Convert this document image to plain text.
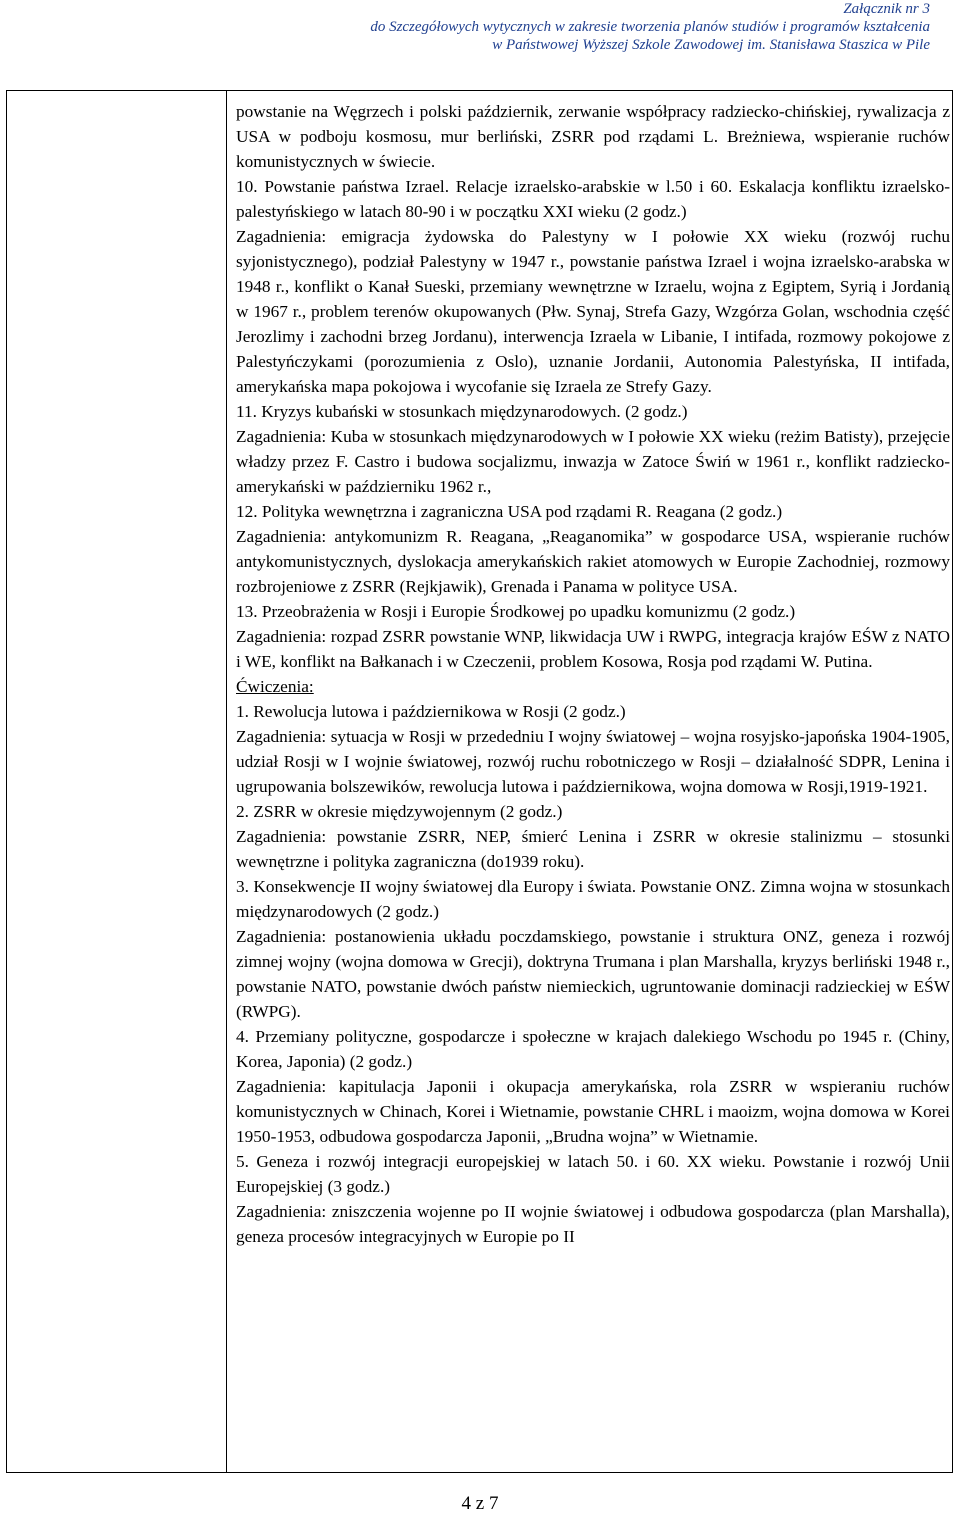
Załącznik nr 3
do Szczegółowych wytycznych w zakresie tworzenia planów studiów i programów kształcenia
w Państwowej Wyższej Szkole Zawodowej im. Stanisława Staszica w Pile

powstanie na Węgrzech i polski październik, zerwanie współpracy radziecko-chińskiej, rywalizacja z USA w podboju kosmosu, mur berliński, ZSRR pod rządami L. Breżniewa, wspieranie ruchów komunistycznych w świecie.

10. Powstanie państwa Izrael. Relacje izraelsko-arabskie w l.50 i 60. Eskalacja konfliktu izraelsko-palestyńskiego w latach 80-90 i w początku XXI wieku (2 godz.)

Zagadnienia: emigracja żydowska do Palestyny w I połowie XX wieku (rozwój ruchu syjonistycznego), podział Palestyny w 1947 r., powstanie państwa Izrael i wojna izraelsko-arabska w 1948 r., konflikt o Kanał Sueski, przemiany wewnętrzne w Izraelu, wojna z Egiptem, Syrią i Jordanią w 1967 r., problem terenów okupowanych (Płw. Synaj, Strefa Gazy, Wzgórza Golan, wschodnia część Jerozlimy i zachodni brzeg Jordanu), interwencja Izraela w Libanie, I intifada, rozmowy pokojowe z Palestyńczykami (porozumienia z Oslo), uznanie Jordanii, Autonomia Palestyńska, II intifada, amerykańska mapa pokojowa i wycofanie się Izraela ze Strefy Gazy.

11. Kryzys kubański w stosunkach międzynarodowych. (2 godz.)

Zagadnienia: Kuba w stosunkach międzynarodowych w I połowie XX wieku (reżim Batisty), przejęcie władzy przez F. Castro i budowa socjalizmu, inwazja w Zatoce Świń w 1961 r., konflikt radziecko-amerykański w październiku 1962 r.,

12. Polityka wewnętrzna i zagraniczna USA pod rządami R. Reagana (2 godz.)

Zagadnienia: antykomunizm R. Reagana, „Reaganomika” w gospodarce USA, wspieranie ruchów antykomunistycznych, dyslokacja amerykańskich rakiet atomowych w Europie Zachodniej, rozmowy rozbrojeniowe z ZSRR (Rejkjawik), Grenada i Panama w polityce USA.

13. Przeobrażenia w Rosji i Europie Środkowej po upadku komunizmu (2 godz.)

Zagadnienia: rozpad ZSRR powstanie WNP, likwidacja UW i RWPG, integracja krajów EŚW z NATO i WE, konflikt na Bałkanach i w Czeczenii, problem Kosowa, Rosja pod rządami W. Putina.

Ćwiczenia:

1. Rewolucja lutowa i październikowa w Rosji (2 godz.)

Zagadnienia: sytuacja w Rosji w przededniu I wojny światowej – wojna rosyjsko-japońska 1904-1905, udział Rosji w I wojnie światowej, rozwój ruchu robotniczego w Rosji – działalność SDPR, Lenina i ugrupowania bolszewików, rewolucja lutowa i październikowa, wojna domowa w Rosji,1919-1921.

2. ZSRR w okresie międzywojennym (2 godz.)

Zagadnienia: powstanie ZSRR, NEP, śmierć Lenina i ZSRR w okresie stalinizmu – stosunki wewnętrzne i polityka zagraniczna (do1939 roku).

3. Konsekwencje II wojny światowej dla Europy i świata. Powstanie ONZ. Zimna wojna w stosunkach międzynarodowych (2 godz.)

Zagadnienia: postanowienia układu poczdamskiego, powstanie i struktura ONZ, geneza i rozwój zimnej wojny (wojna domowa w Grecji), doktryna Trumana i plan Marshalla, kryzys berliński 1948 r., powstanie NATO, powstanie dwóch państw niemieckich, ugruntowanie dominacji radzieckiej w EŚW (RWPG).

4. Przemiany polityczne, gospodarcze i społeczne w krajach dalekiego Wschodu po 1945 r. (Chiny, Korea, Japonia) (2 godz.)

Zagadnienia: kapitulacja Japonii i okupacja amerykańska, rola ZSRR w wspieraniu ruchów komunistycznych w Chinach, Korei i Wietnamie, powstanie CHRL i maoizm, wojna domowa w Korei 1950-1953, odbudowa gospodarcza Japonii, „Brudna wojna” w Wietnamie.

5. Geneza i rozwój integracji europejskiej w latach 50. i 60. XX wieku. Powstanie i rozwój Unii Europejskiej (3 godz.)

Zagadnienia: zniszczenia wojenne po II wojnie światowej i odbudowa gospodarcza (plan Marshalla), geneza procesów integracyjnych w Europie po II

4 z 7
